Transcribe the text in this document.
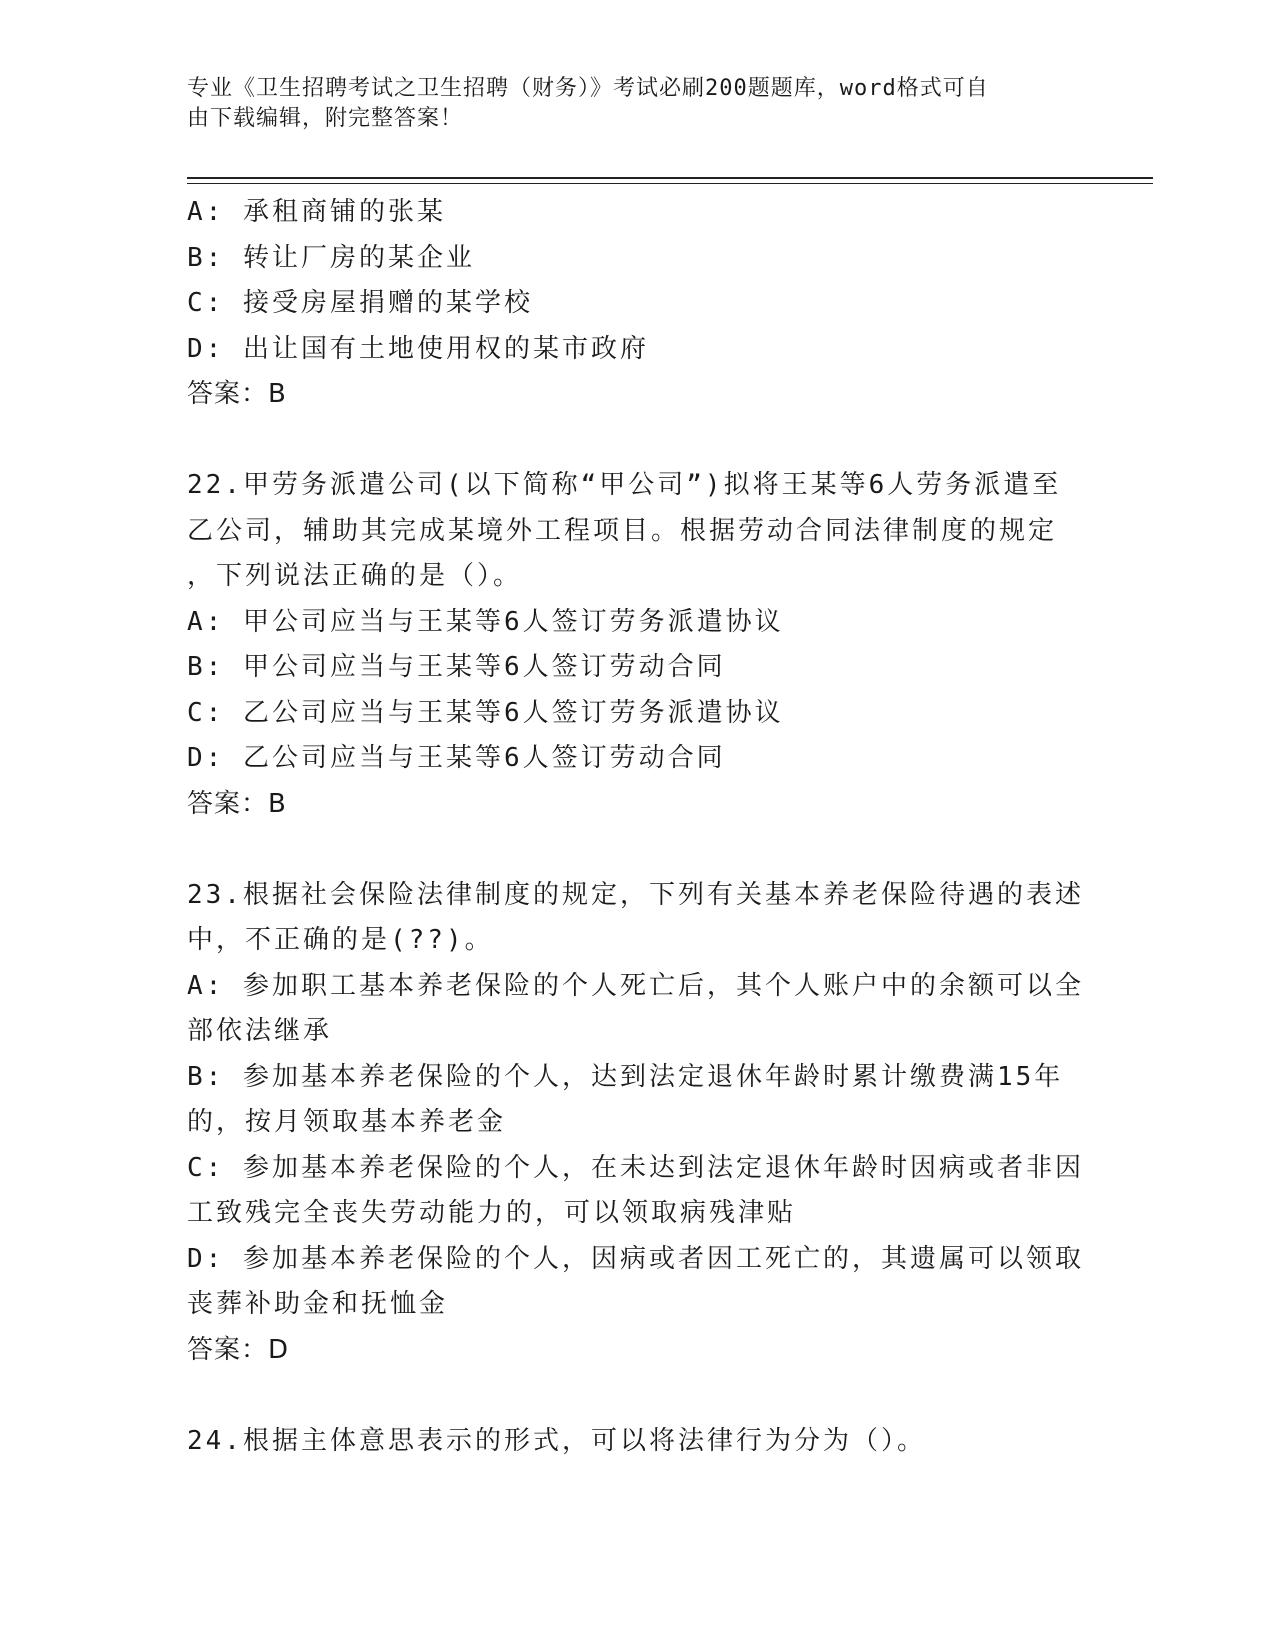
专业《卫生招聘考试之卫生招聘（财务）》考试必刷200题题库，word格式可自
由下载编辑，附完整答案！
A: 承租商铺的张某
B: 转让厂房的某企业
C: 接受房屋捐赠的某学校
D: 出让国有土地使用权的某市政府
答案：B
22.甲劳务派遣公司(以下简称“甲公司”)拟将王某等6人劳务派遣至
乙公司，辅助其完成某境外工程项目。根据劳动合同法律制度的规定
，下列说法正确的是（）。
A: 甲公司应当与王某等6人签订劳务派遣协议
B: 甲公司应当与王某等6人签订劳动合同
C: 乙公司应当与王某等6人签订劳务派遣协议
D: 乙公司应当与王某等6人签订劳动合同
答案：B
23.根据社会保险法律制度的规定，下列有关基本养老保险待遇的表述
中，不正确的是(??)。
A: 参加职工基本养老保险的个人死亡后，其个人账户中的余额可以全
部依法继承
B: 参加基本养老保险的个人，达到法定退休年龄时累计缴费满15年
的，按月领取基本养老金
C: 参加基本养老保险的个人，在未达到法定退休年龄时因病或者非因
工致残完全丧失劳动能力的，可以领取病残津贴
D: 参加基本养老保险的个人，因病或者因工死亡的，其遗属可以领取
丧葬补助金和抚恤金
答案：D
24.根据主体意思表示的形式，可以将法律行为分为（）。
